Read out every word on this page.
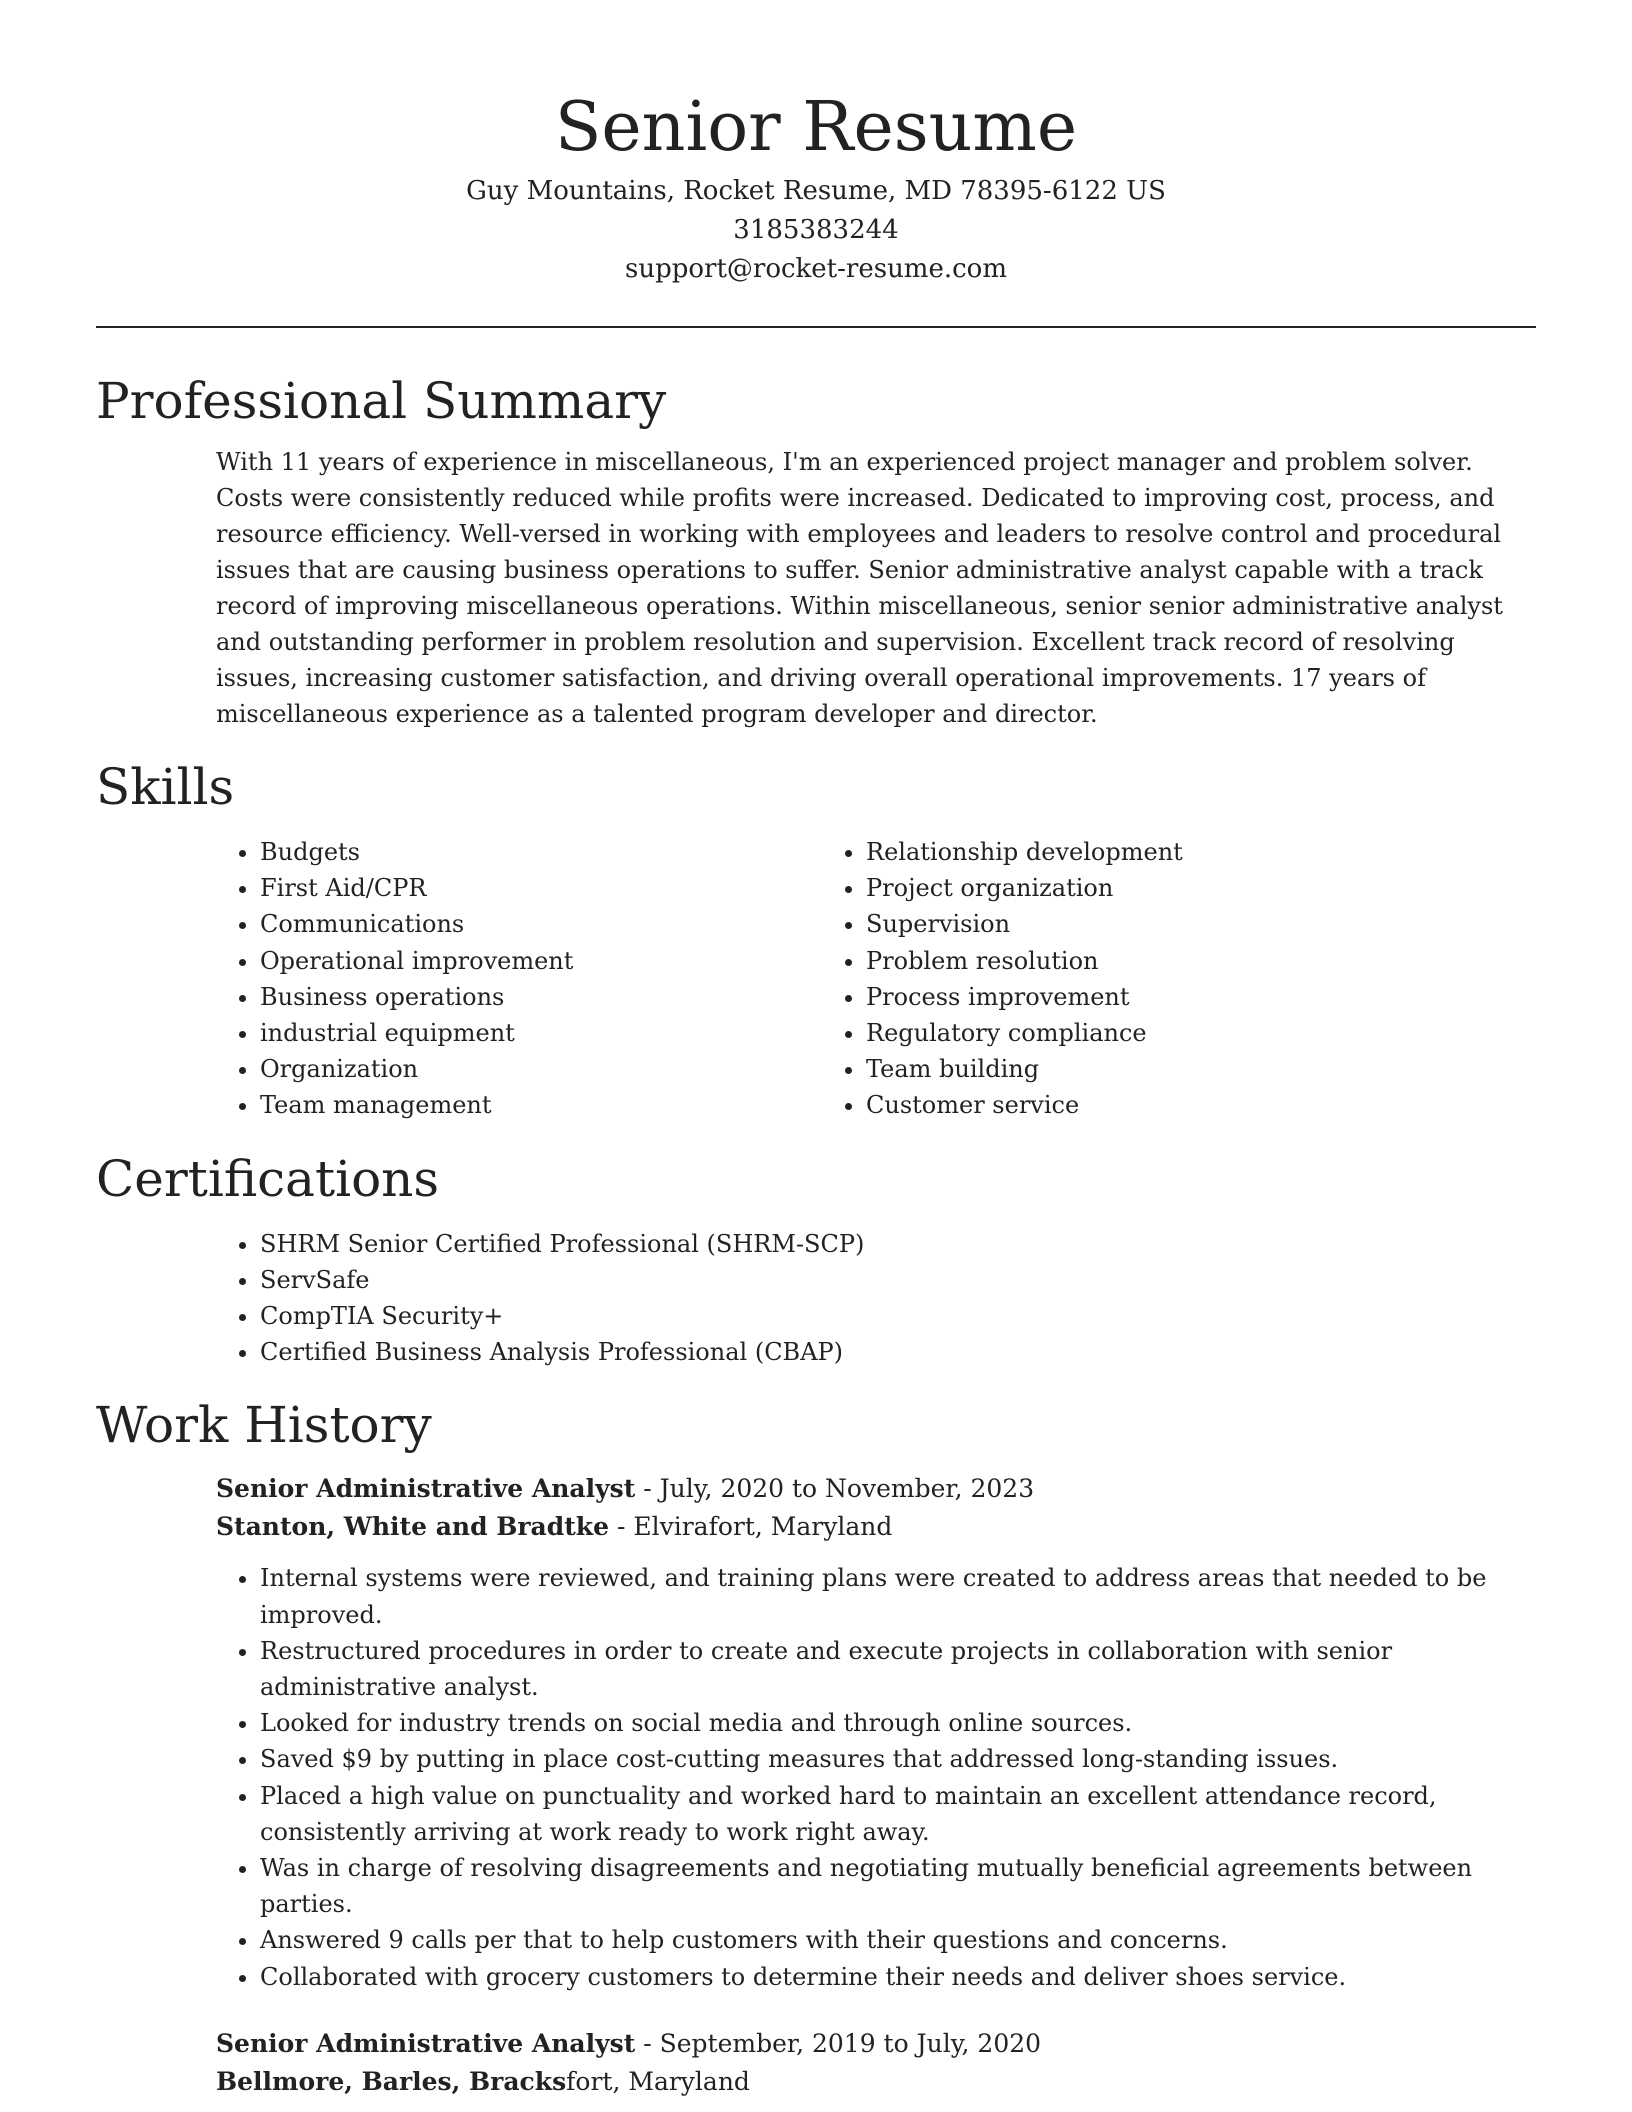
Senior Resume
Guy Mountains, Rocket Resume, MD 78395-6122 US
3185383244
support@rocket-resume.com
Professional Summary

With 11 years of experience in miscellaneous, I'm an experienced project manager and problem solver. Costs were consistently reduced while profits were increased. Dedicated to improving cost, process, and resource efficiency. Well-versed in working with employees and leaders to resolve control and procedural issues that are causing business operations to suffer. Senior administrative analyst capable with a track record of improving miscellaneous operations. Within miscellaneous, senior senior administrative analyst and outstanding performer in problem resolution and supervision. Excellent track record of resolving issues, increasing customer satisfaction, and driving overall operational improvements. 17 years of miscellaneous experience as a talented program developer and director.

Skills
• Budgets
• First Aid/CPR
• Communications
• Operational improvement
• Business operations
• industrial equipment
• Organization
• Team management
• Relationship development
• Project organization
• Supervision
• Problem resolution
• Process improvement
• Regulatory compliance
• Team building
• Customer service
Certifications
• SHRM Senior Certified Professional (SHRM-SCP)
• ServSafe
• CompTIA Security+
• Certified Business Analysis Professional (CBAP)
Work History
Senior Administrative Analyst - July, 2020 to November, 2023
Stanton, White and Bradtke - Elvirafort, Maryland
• Internal systems were reviewed, and training plans were created to address areas that needed to be improved.
• Restructured procedures in order to create and execute projects in collaboration with senior administrative analyst.
• Looked for industry trends on social media and through online sources.
• Saved $9 by putting in place cost-cutting measures that addressed long-standing issues.
• Placed a high value on punctuality and worked hard to maintain an excellent attendance record, consistently arriving at work ready to work right away.
• Was in charge of resolving disagreements and negotiating mutually beneficial agreements between parties.
• Answered 9 calls per that to help customers with their questions and concerns.
• Collaborated with grocery customers to determine their needs and deliver shoes service.
Senior Administrative Analyst - September, 2019 to July, 2020
Bellmore, Barles, Bracksfort, Maryland
